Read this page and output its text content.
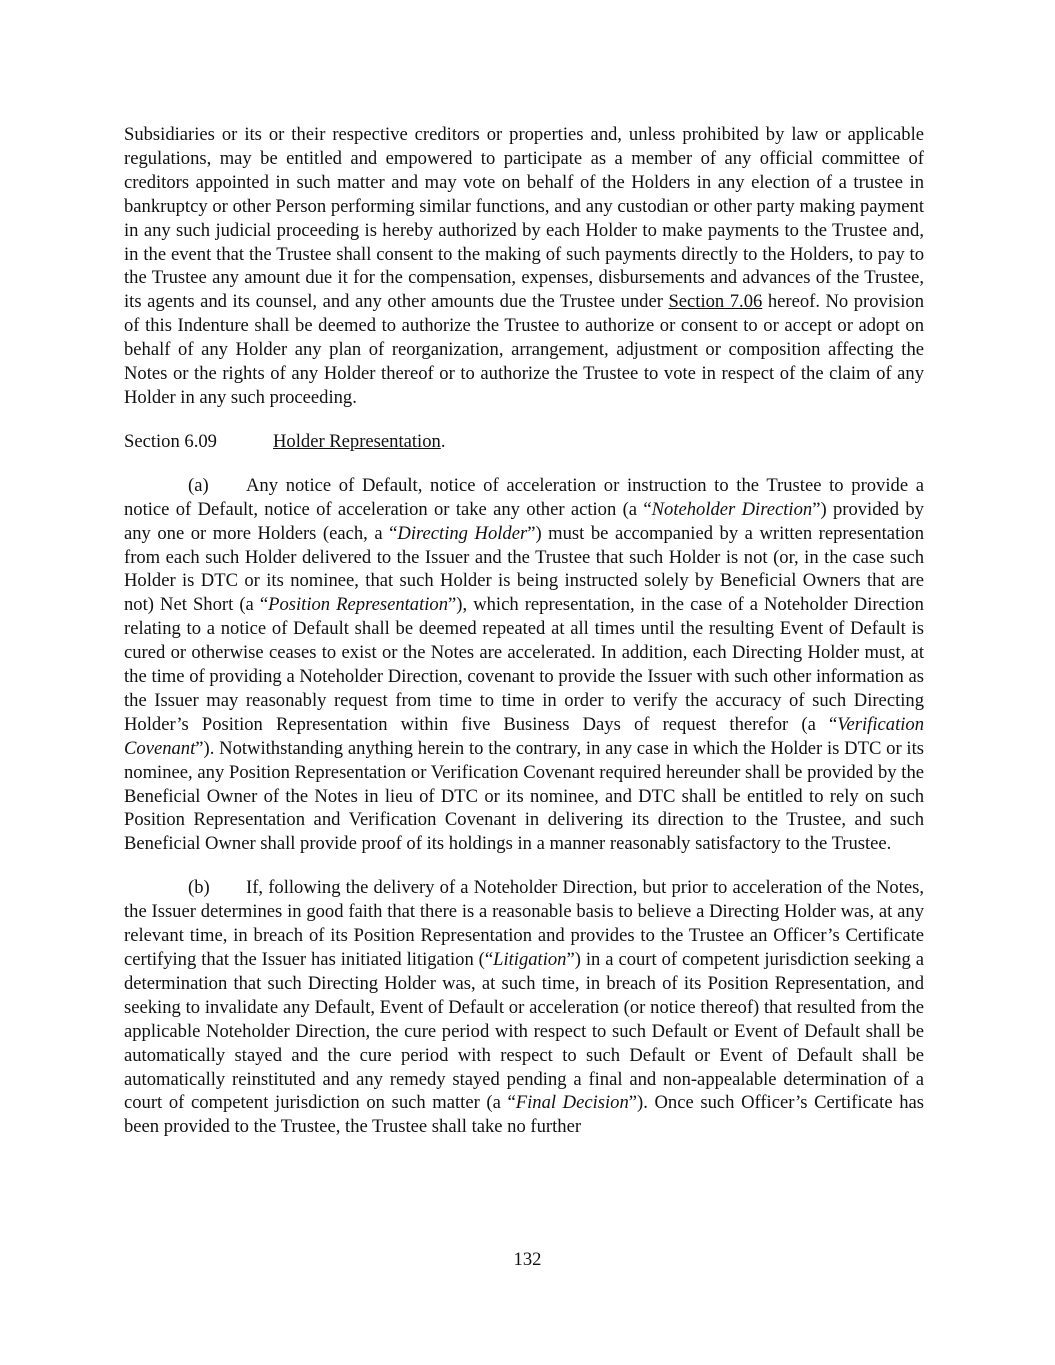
Subsidiaries or its or their respective creditors or properties and, unless prohibited by law or applicable regulations, may be entitled and empowered to participate as a member of any official committee of creditors appointed in such matter and may vote on behalf of the Holders in any election of a trustee in bankruptcy or other Person performing similar functions, and any custodian or other party making payment in any such judicial proceeding is hereby authorized by each Holder to make payments to the Trustee and, in the event that the Trustee shall consent to the making of such payments directly to the Holders, to pay to the Trustee any amount due it for the compensation, expenses, disbursements and advances of the Trustee, its agents and its counsel, and any other amounts due the Trustee under Section 7.06 hereof. No provision of this Indenture shall be deemed to authorize the Trustee to authorize or consent to or accept or adopt on behalf of any Holder any plan of reorganization, arrangement, adjustment or composition affecting the Notes or the rights of any Holder thereof or to authorize the Trustee to vote in respect of the claim of any Holder in any such proceeding.

Section 6.09	Holder Representation.

(a) Any notice of Default, notice of acceleration or instruction to the Trustee to provide a notice of Default, notice of acceleration or take any other action (a “Noteholder Direction”) provided by any one or more Holders (each, a “Directing Holder”) must be accompanied by a written representation from each such Holder delivered to the Issuer and the Trustee that such Holder is not (or, in the case such Holder is DTC or its nominee, that such Holder is being instructed solely by Beneficial Owners that are not) Net Short (a “Position Representation”), which representation, in the case of a Noteholder Direction relating to a notice of Default shall be deemed repeated at all times until the resulting Event of Default is cured or otherwise ceases to exist or the Notes are accelerated. In addition, each Directing Holder must, at the time of providing a Noteholder Direction, covenant to provide the Issuer with such other information as the Issuer may reasonably request from time to time in order to verify the accuracy of such Directing Holder’s Position Representation within five Business Days of request therefor (a “Verification Covenant”). Notwithstanding anything herein to the contrary, in any case in which the Holder is DTC or its nominee, any Position Representation or Verification Covenant required hereunder shall be provided by the Beneficial Owner of the Notes in lieu of DTC or its nominee, and DTC shall be entitled to rely on such Position Representation and Verification Covenant in delivering its direction to the Trustee, and such Beneficial Owner shall provide proof of its holdings in a manner reasonably satisfactory to the Trustee.

(b) If, following the delivery of a Noteholder Direction, but prior to acceleration of the Notes, the Issuer determines in good faith that there is a reasonable basis to believe a Directing Holder was, at any relevant time, in breach of its Position Representation and provides to the Trustee an Officer’s Certificate certifying that the Issuer has initiated litigation (“Litigation”) in a court of competent jurisdiction seeking a determination that such Directing Holder was, at such time, in breach of its Position Representation, and seeking to invalidate any Default, Event of Default or acceleration (or notice thereof) that resulted from the applicable Noteholder Direction, the cure period with respect to such Default or Event of Default shall be automatically stayed and the cure period with respect to such Default or Event of Default shall be automatically reinstituted and any remedy stayed pending a final and non-appealable determination of a court of competent jurisdiction on such matter (a “Final Decision”). Once such Officer’s Certificate has been provided to the Trustee, the Trustee shall take no further

132
